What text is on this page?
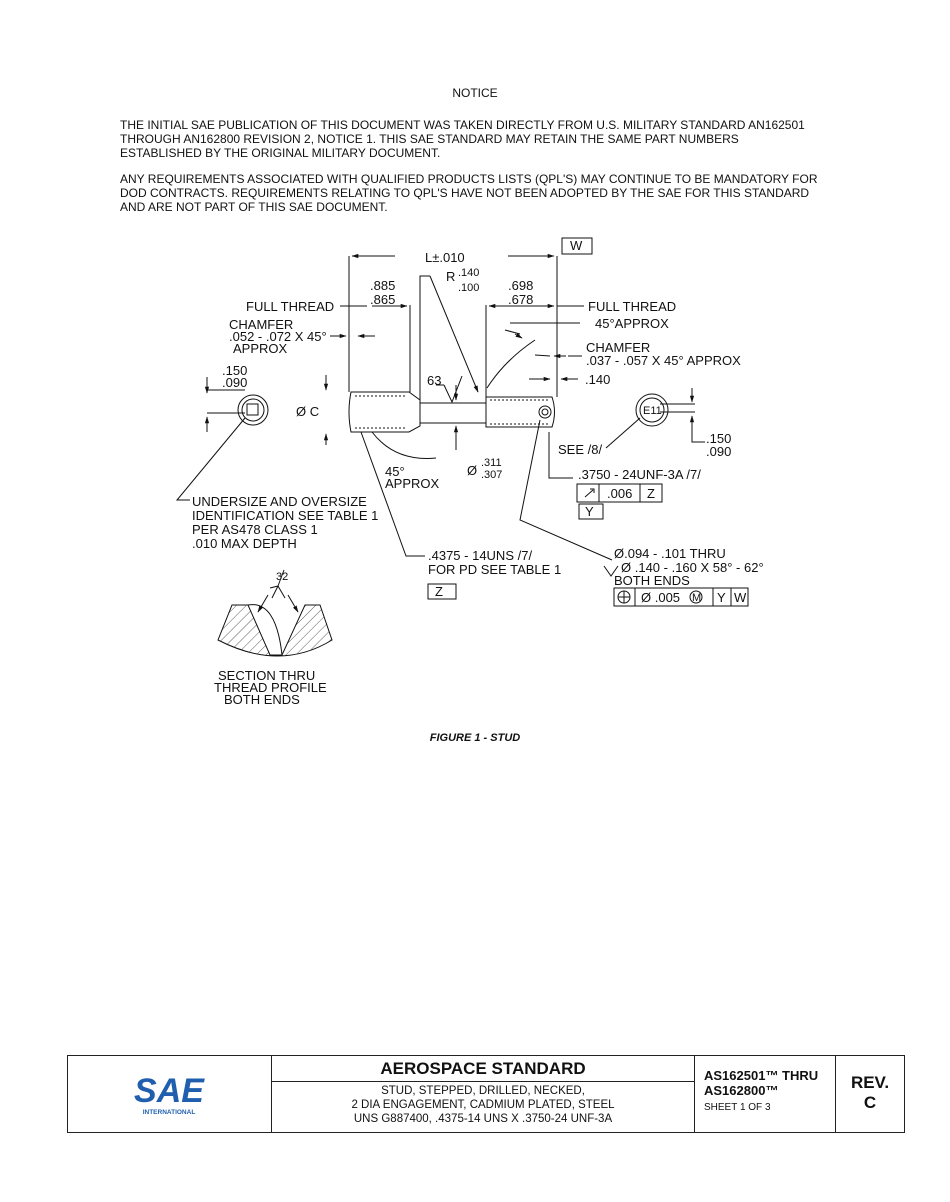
NOTICE
THE INITIAL SAE PUBLICATION OF THIS DOCUMENT WAS TAKEN DIRECTLY FROM U.S. MILITARY STANDARD AN162501 THROUGH AN162800 REVISION 2, NOTICE 1. THIS SAE STANDARD MAY RETAIN THE SAME PART NUMBERS ESTABLISHED BY THE ORIGINAL MILITARY DOCUMENT.
ANY REQUIREMENTS ASSOCIATED WITH QUALIFIED PRODUCTS LISTS (QPL'S) MAY CONTINUE TO BE MANDATORY FOR DOD CONTRACTS. REQUIREMENTS RELATING TO QPL'S HAVE NOT BEEN ADOPTED BY THE SAE FOR THIS STANDARD AND ARE NOT PART OF THIS SAE DOCUMENT.
L±.010
W
R .140
.100
.885
.865
.698
.678
FULL THREAD	FULL THREAD
CHAMFER
.052 - .072 X 45°
APPROX
45°APPROX
CHAMFER
.037 - .057 X 45° APPROX
.140
.150
.090
Ø C
63
45°
APPROX
Ø .311
.307
SEE /8/
E11
.150
.090
.3750 - 24UNF-3A /7/
.006 Z
Y
UNDERSIZE AND OVERSIZE
IDENTIFICATION SEE TABLE 1
PER AS478 CLASS 1
.010 MAX DEPTH
.4375 - 14UNS /7/
FOR PD SEE TABLE 1
Z
Ø.094 - .101 THRU
Ø .140 - .160 X 58° - 62°
BOTH ENDS
Ø .005 M Y W
32
SECTION THRU
THREAD PROFILE
BOTH ENDS
FIGURE 1 - STUD
SAE
INTERNATIONAL
AEROSPACE STANDARD
STUD, STEPPED, DRILLED, NECKED,
2 DIA ENGAGEMENT, CADMIUM PLATED, STEEL
UNS G887400, .4375-14 UNS X .3750-24 UNF-3A
AS162501™ THRU
AS162800™
SHEET 1 OF 3
REV.
C
